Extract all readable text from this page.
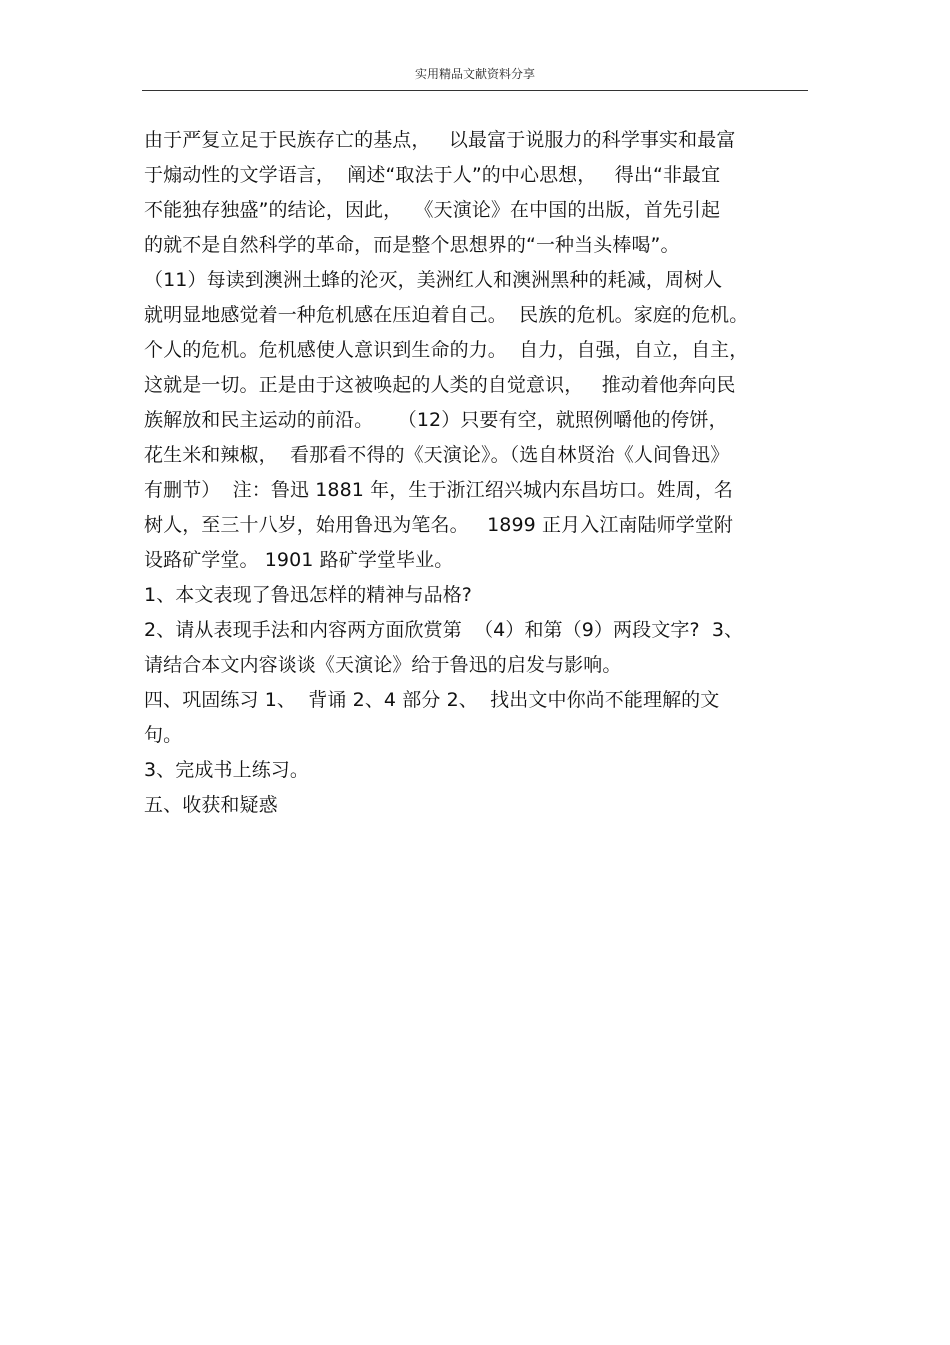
实用精品文献资料分享
由于严复立足于民族存亡的基点，   以最富于说服力的科学事实和最富
于煽动性的文学语言，  阐述“取法于人”的中心思想，   得出“非最宜
不能独存独盛”的结论，因此，  《天演论》在中国的出版，首先引起
的就不是自然科学的革命，而是整个思想界的“一种当头棒喝”。
（11）每读到澳洲土蜂的沦灭，美洲红人和澳洲黑种的耗减，周树人
就明显地感觉着一种危机感在压迫着自己。  民族的危机。家庭的危机。
个人的危机。危机感使人意识到生命的力。  自力，自强，自立，自主，
这就是一切。正是由于这被唤起的人类的自觉意识，   推动着他奔向民
族解放和民主运动的前沿。    （12）只要有空，就照例嚼他的侉饼，
花生米和辣椒，  看那看不得的《天演论》。（选自林贤治《人间鲁迅》
有删节）  注：鲁迅 1881 年，生于浙江绍兴城内东昌坊口。姓周，名
树人，至三十八岁，始用鲁迅为笔名。   1899 正月入江南陆师学堂附
设路矿学堂。 1901 路矿学堂毕业。
1、本文表现了鲁迅怎样的精神与品格?
2、请从表现手法和内容两方面欣赏第  （4）和第（9）两段文字?  3、
请结合本文内容谈谈《天演论》给于鲁迅的启发与影响。
四、巩固练习 1、  背诵 2、4 部分 2、  找出文中你尚不能理解的文
句。
3、完成书上练习。
五、收获和疑惑
